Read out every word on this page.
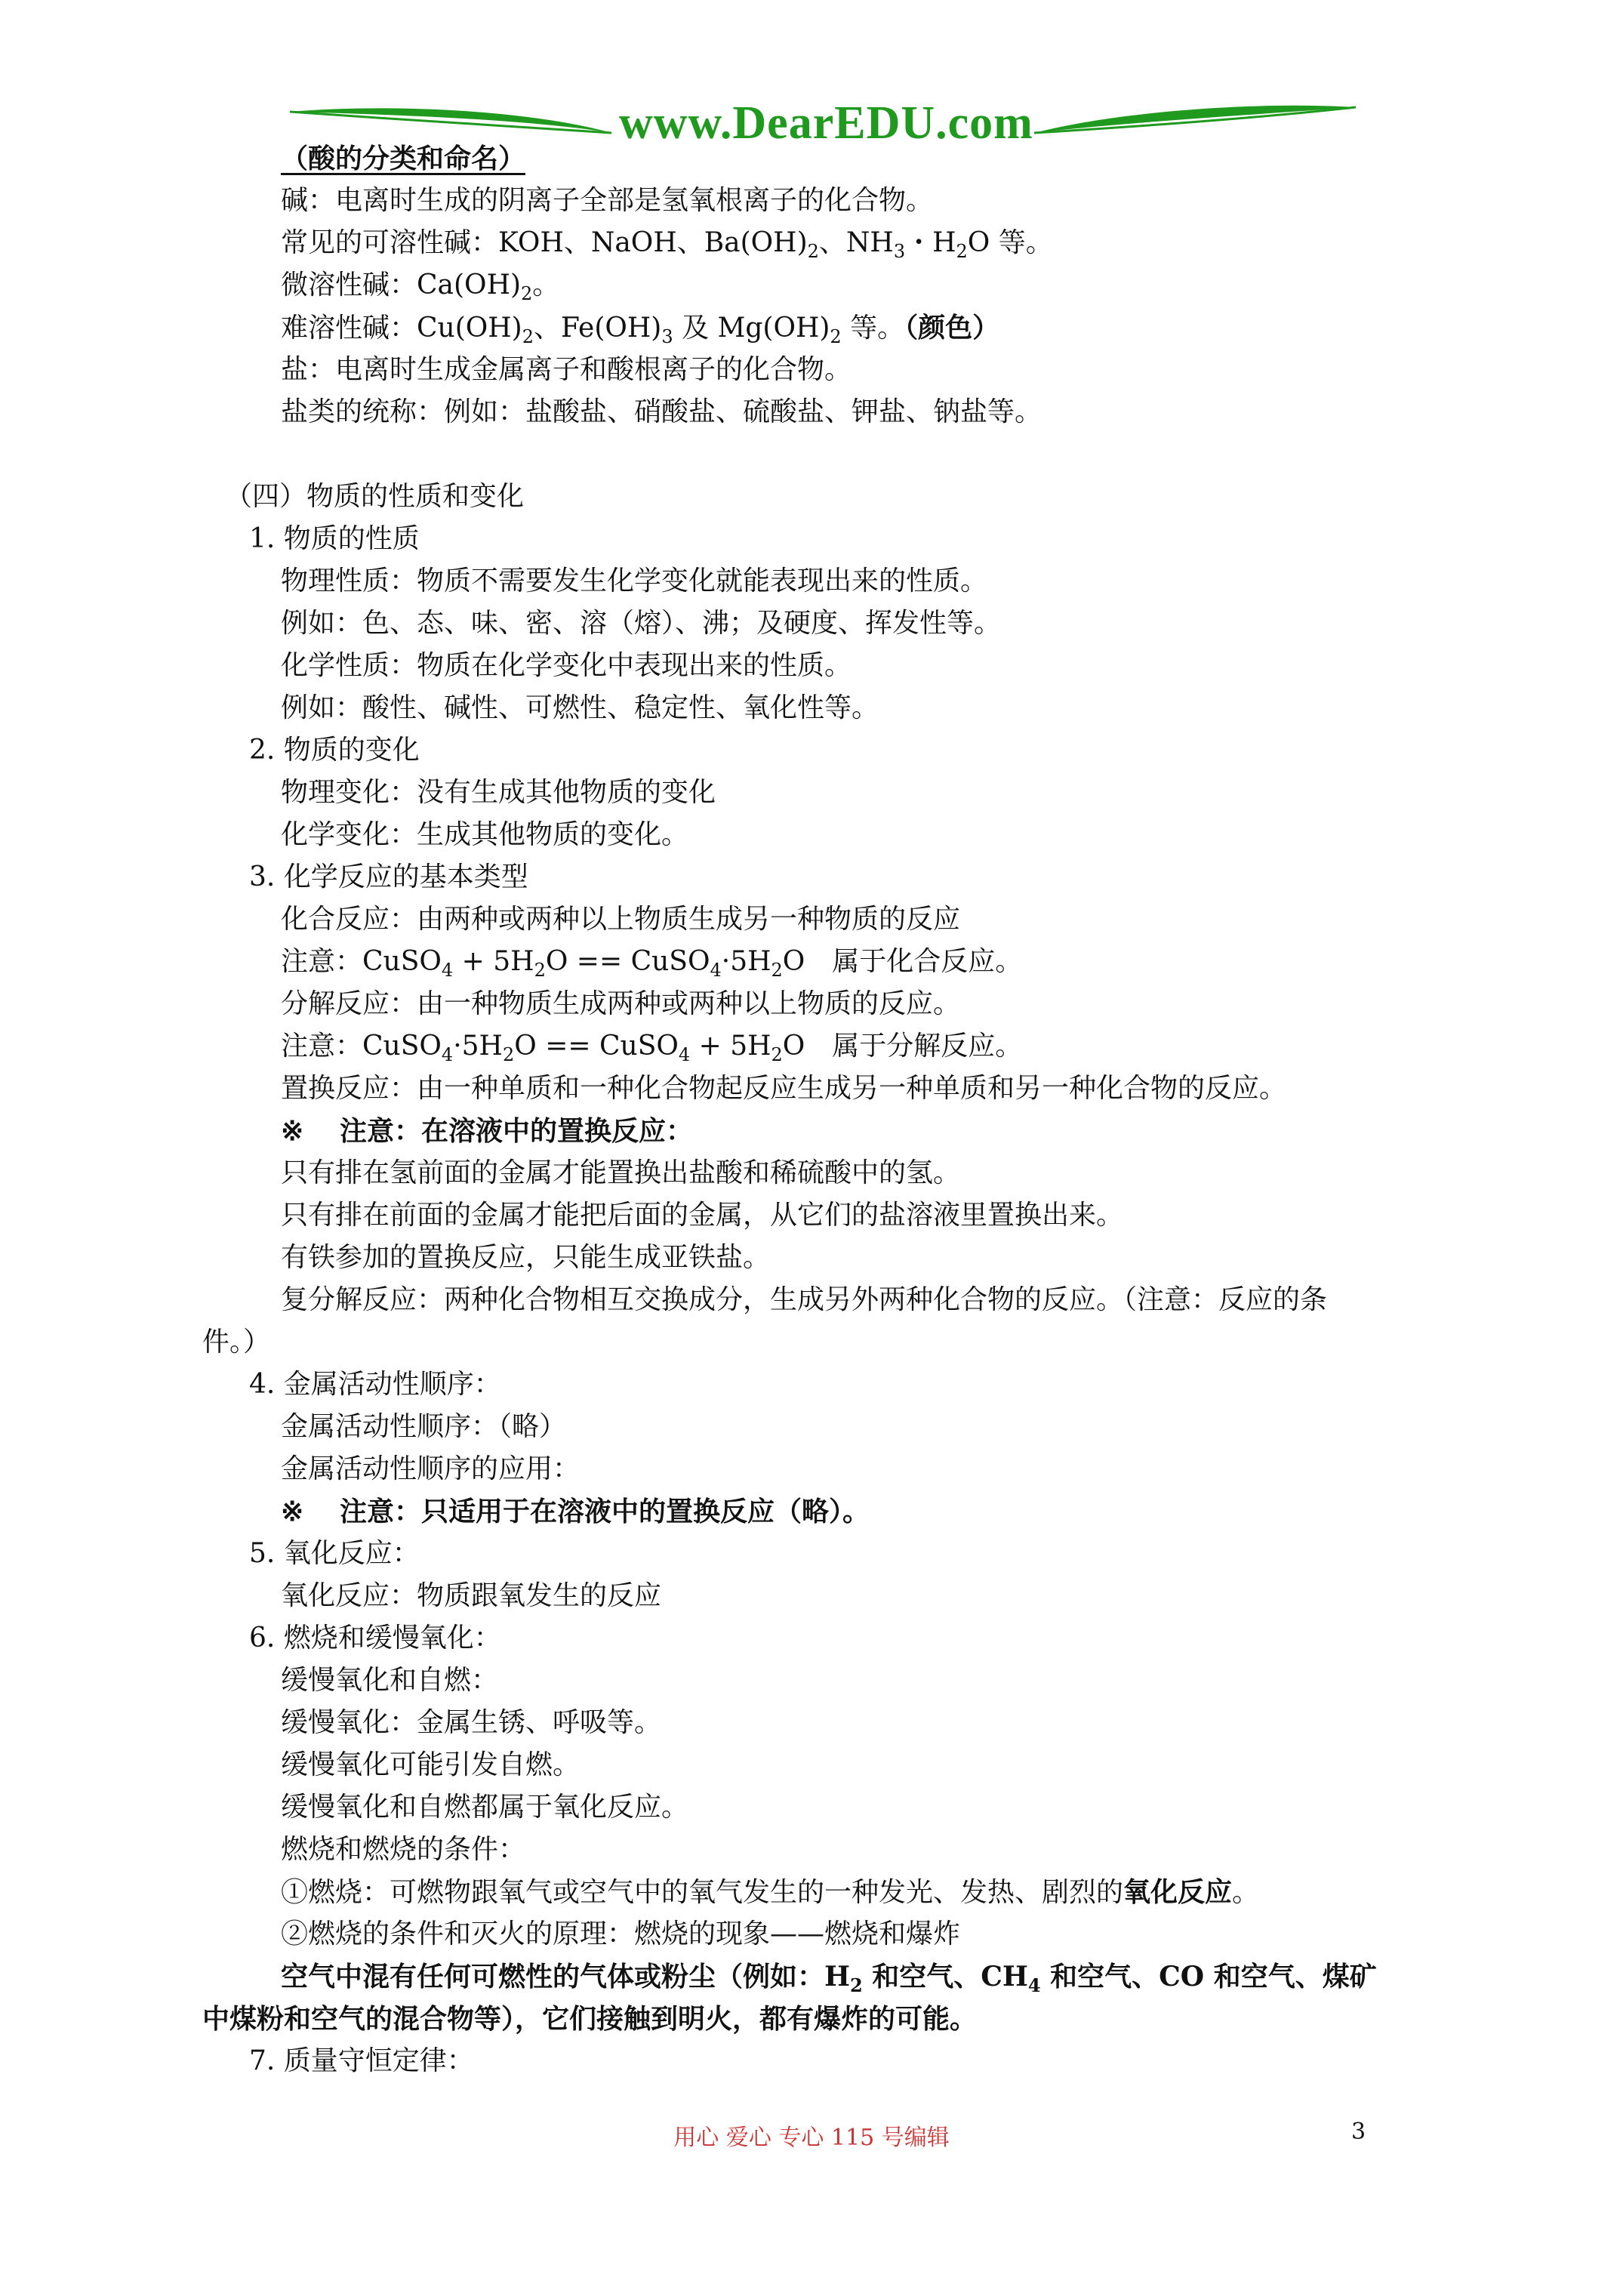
www.DearEDU.com
（酸的分类和命名）
碱：电离时生成的阴离子全部是氢氧根离子的化合物。
常见的可溶性碱：KOH、NaOH、$Ba(OH)_2$、$NH_3$・$H_2O$ 等。
微溶性碱：$Ca(OH)_2$。
难溶性碱：$Cu(OH)_2$、$Fe(OH)_3$ 及 $Mg(OH)_2$ 等。（颜色）
盐：电离时生成金属离子和酸根离子的化合物。
盐类的统称：例如：盐酸盐、硝酸盐、硫酸盐、钾盐、钠盐等。
（四）物质的性质和变化
1. 物质的性质
物理性质：物质不需要发生化学变化就能表现出来的性质。
例如：色、态、味、密、溶（熔）、沸；及硬度、挥发性等。
化学性质：物质在化学变化中表现出来的性质。
例如：酸性、碱性、可燃性、稳定性、氧化性等。
2. 物质的变化
物理变化：没有生成其他物质的变化
化学变化：生成其他物质的变化。
3. 化学反应的基本类型
化合反应：由两种或两种以上物质生成另一种物质的反应
注意：CuSO$_4$ + $5H_2O$ == $CuSO_4\cdot 5H_2O$　属于化合反应。
分解反应：由一种物质生成两种或两种以上物质的反应。
注意：$CuSO_4\cdot 5H_2O$ == CuSO$_4$ + $5H_2O$　属于分解反应。
置换反应：由一种单质和一种化合物起反应生成另一种单质和另一种化合物的反应。
※ 注意：在溶液中的置换反应：
只有排在氢前面的金属才能置换出盐酸和稀硫酸中的氢。
只有排在前面的金属才能把后面的金属，从它们的盐溶液里置换出来。
有铁参加的置换反应，只能生成亚铁盐。
复分解反应：两种化合物相互交换成分，生成另外两种化合物的反应。（注意：反应的条
件。）
4. 金属活动性顺序：
金属活动性顺序：（略）
金属活动性顺序的应用：
※ 注意：只适用于在溶液中的置换反应（略）。
5. 氧化反应：
氧化反应：物质跟氧发生的反应
6. 燃烧和缓慢氧化：
缓慢氧化和自燃：
缓慢氧化：金属生锈、呼吸等。
缓慢氧化可能引发自燃。
缓慢氧化和自燃都属于氧化反应。
燃烧和燃烧的条件：
①燃烧：可燃物跟氧气或空气中的氧气发生的一种发光、发热、剧烈的氧化反应。
②燃烧的条件和灭火的原理：燃烧的现象——燃烧和爆炸
空气中混有任何可燃性的气体或粉尘（例如：$H_2$ 和空气、$CH_4$ 和空气、CO 和空气、煤矿
中煤粉和空气的混合物等），它们接触到明火，都有爆炸的可能。
7. 质量守恒定律：
用心 爱心 专心 115 号编辑	3
